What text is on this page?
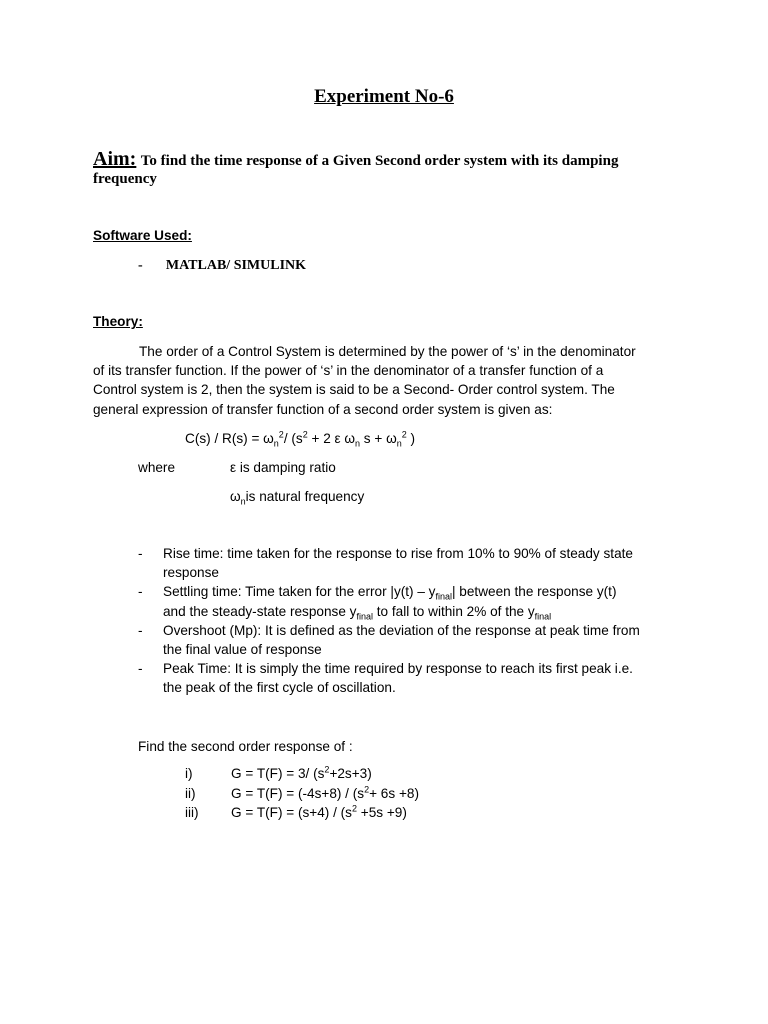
Experiment No-6
Aim: To find the time response of a Given Second order system with its damping
frequency
Software Used:
- MATLAB/ SIMULINK
Theory:
The order of a Control System is determined by the power of ‘s’ in the denominator
of its transfer function. If the power of ‘s’ in the denominator of a transfer function of a
Control system is 2, then the system is said to be a Second- Order control system. The
general expression of transfer function of a second order system is given as:
$C(s) / R(s) = \omega_n^2/$ ($s^2 + 2$ ε $\omega_n$ $s + \omega_n^2$ )
where	ε is damping ratio
$\omega_nis$ natural frequency
- Rise time: time taken for the response to rise from 10% to 90% of steady state
response
- Settling time: Time taken for the error $|y(t) - y_{final}|$ between the response y(t)
and the steady-state response $y_{final}$ to fall to within 2% of the $y_{final}$
- Overshoot (Mp): It is defined as the deviation of the response at peak time from
the final value of response
- Peak Time: It is simply the time required by response to reach its first peak i.e.
the peak of the first cycle of oscillation.
Find the second order response of :
i)	G = T(F) = 3/ $(s^2+2s+3)$
ii)	$G = T(F) = (-4s+8) / (s^2+ 6s +8)$
iii) $G = T(F) = (s+4) / (s^2 +5s +9)$
